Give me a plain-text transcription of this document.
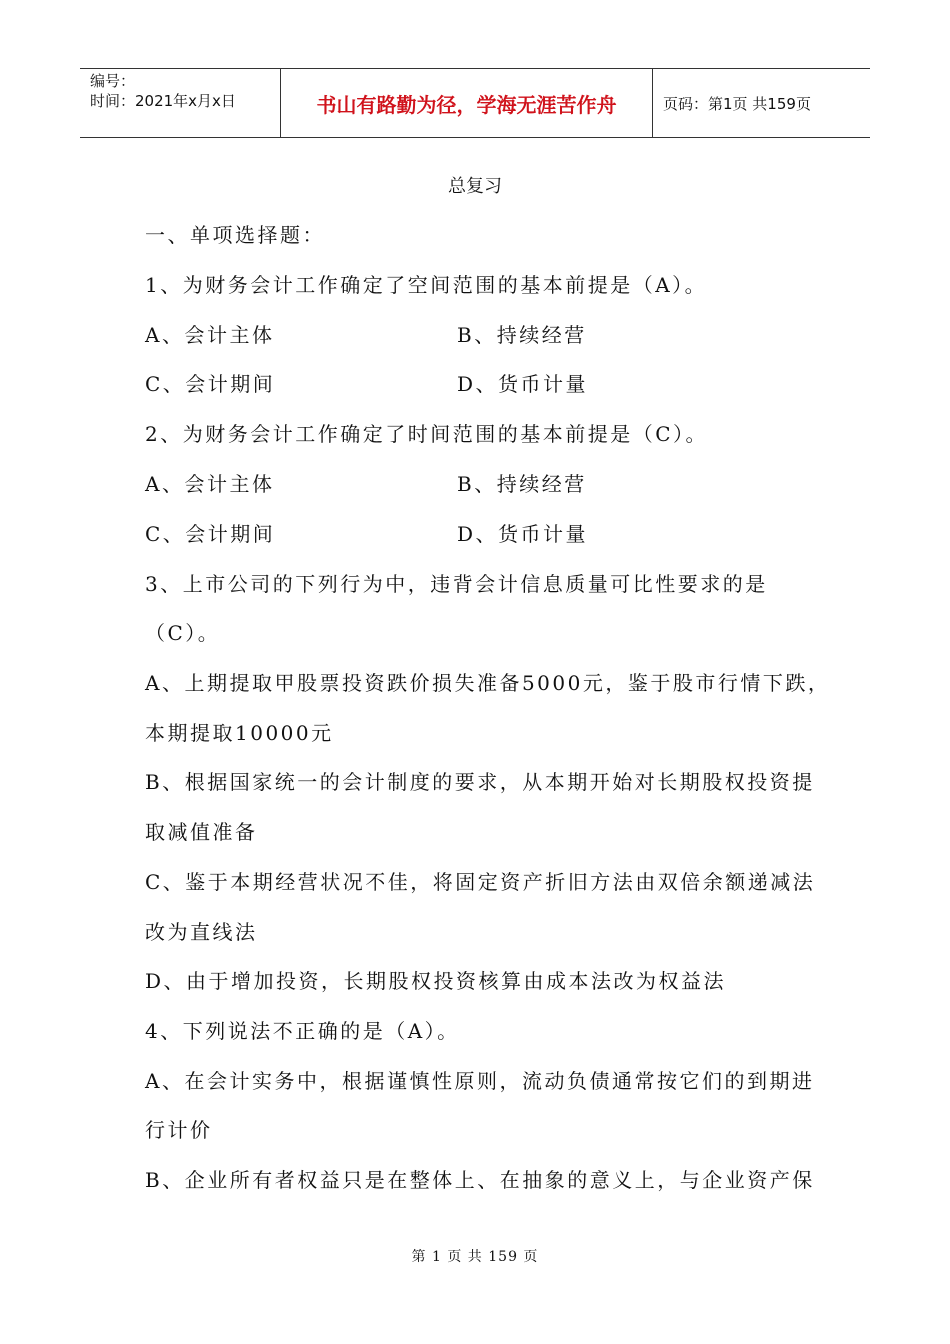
编号：
时间：2021年x月x日	书山有路勤为径，学海无涯苦作舟	页码：第1页 共159页
总复习
一、单项选择题：
1、为财务会计工作确定了空间范围的基本前提是（A）。
A、会计主体	B、持续经营
C、会计期间	D、货币计量
2、为财务会计工作确定了时间范围的基本前提是（C）。
A、会计主体	B、持续经营
C、会计期间	D、货币计量
3、上市公司的下列行为中，违背会计信息质量可比性要求的是
（C）。
A、上期提取甲股票投资跌价损失准备5000元，鉴于股市行情下跌，
本期提取10000元
B、根据国家统一的会计制度的要求，从本期开始对长期股权投资提
取减值准备
C、鉴于本期经营状况不佳，将固定资产折旧方法由双倍余额递减法
改为直线法
D、由于增加投资，长期股权投资核算由成本法改为权益法
4、下列说法不正确的是（A）。
A、在会计实务中，根据谨慎性原则，流动负债通常按它们的到期进
行计价
B、企业所有者权益只是在整体上、在抽象的意义上，与企业资产保
第 1 页 共 159 页
